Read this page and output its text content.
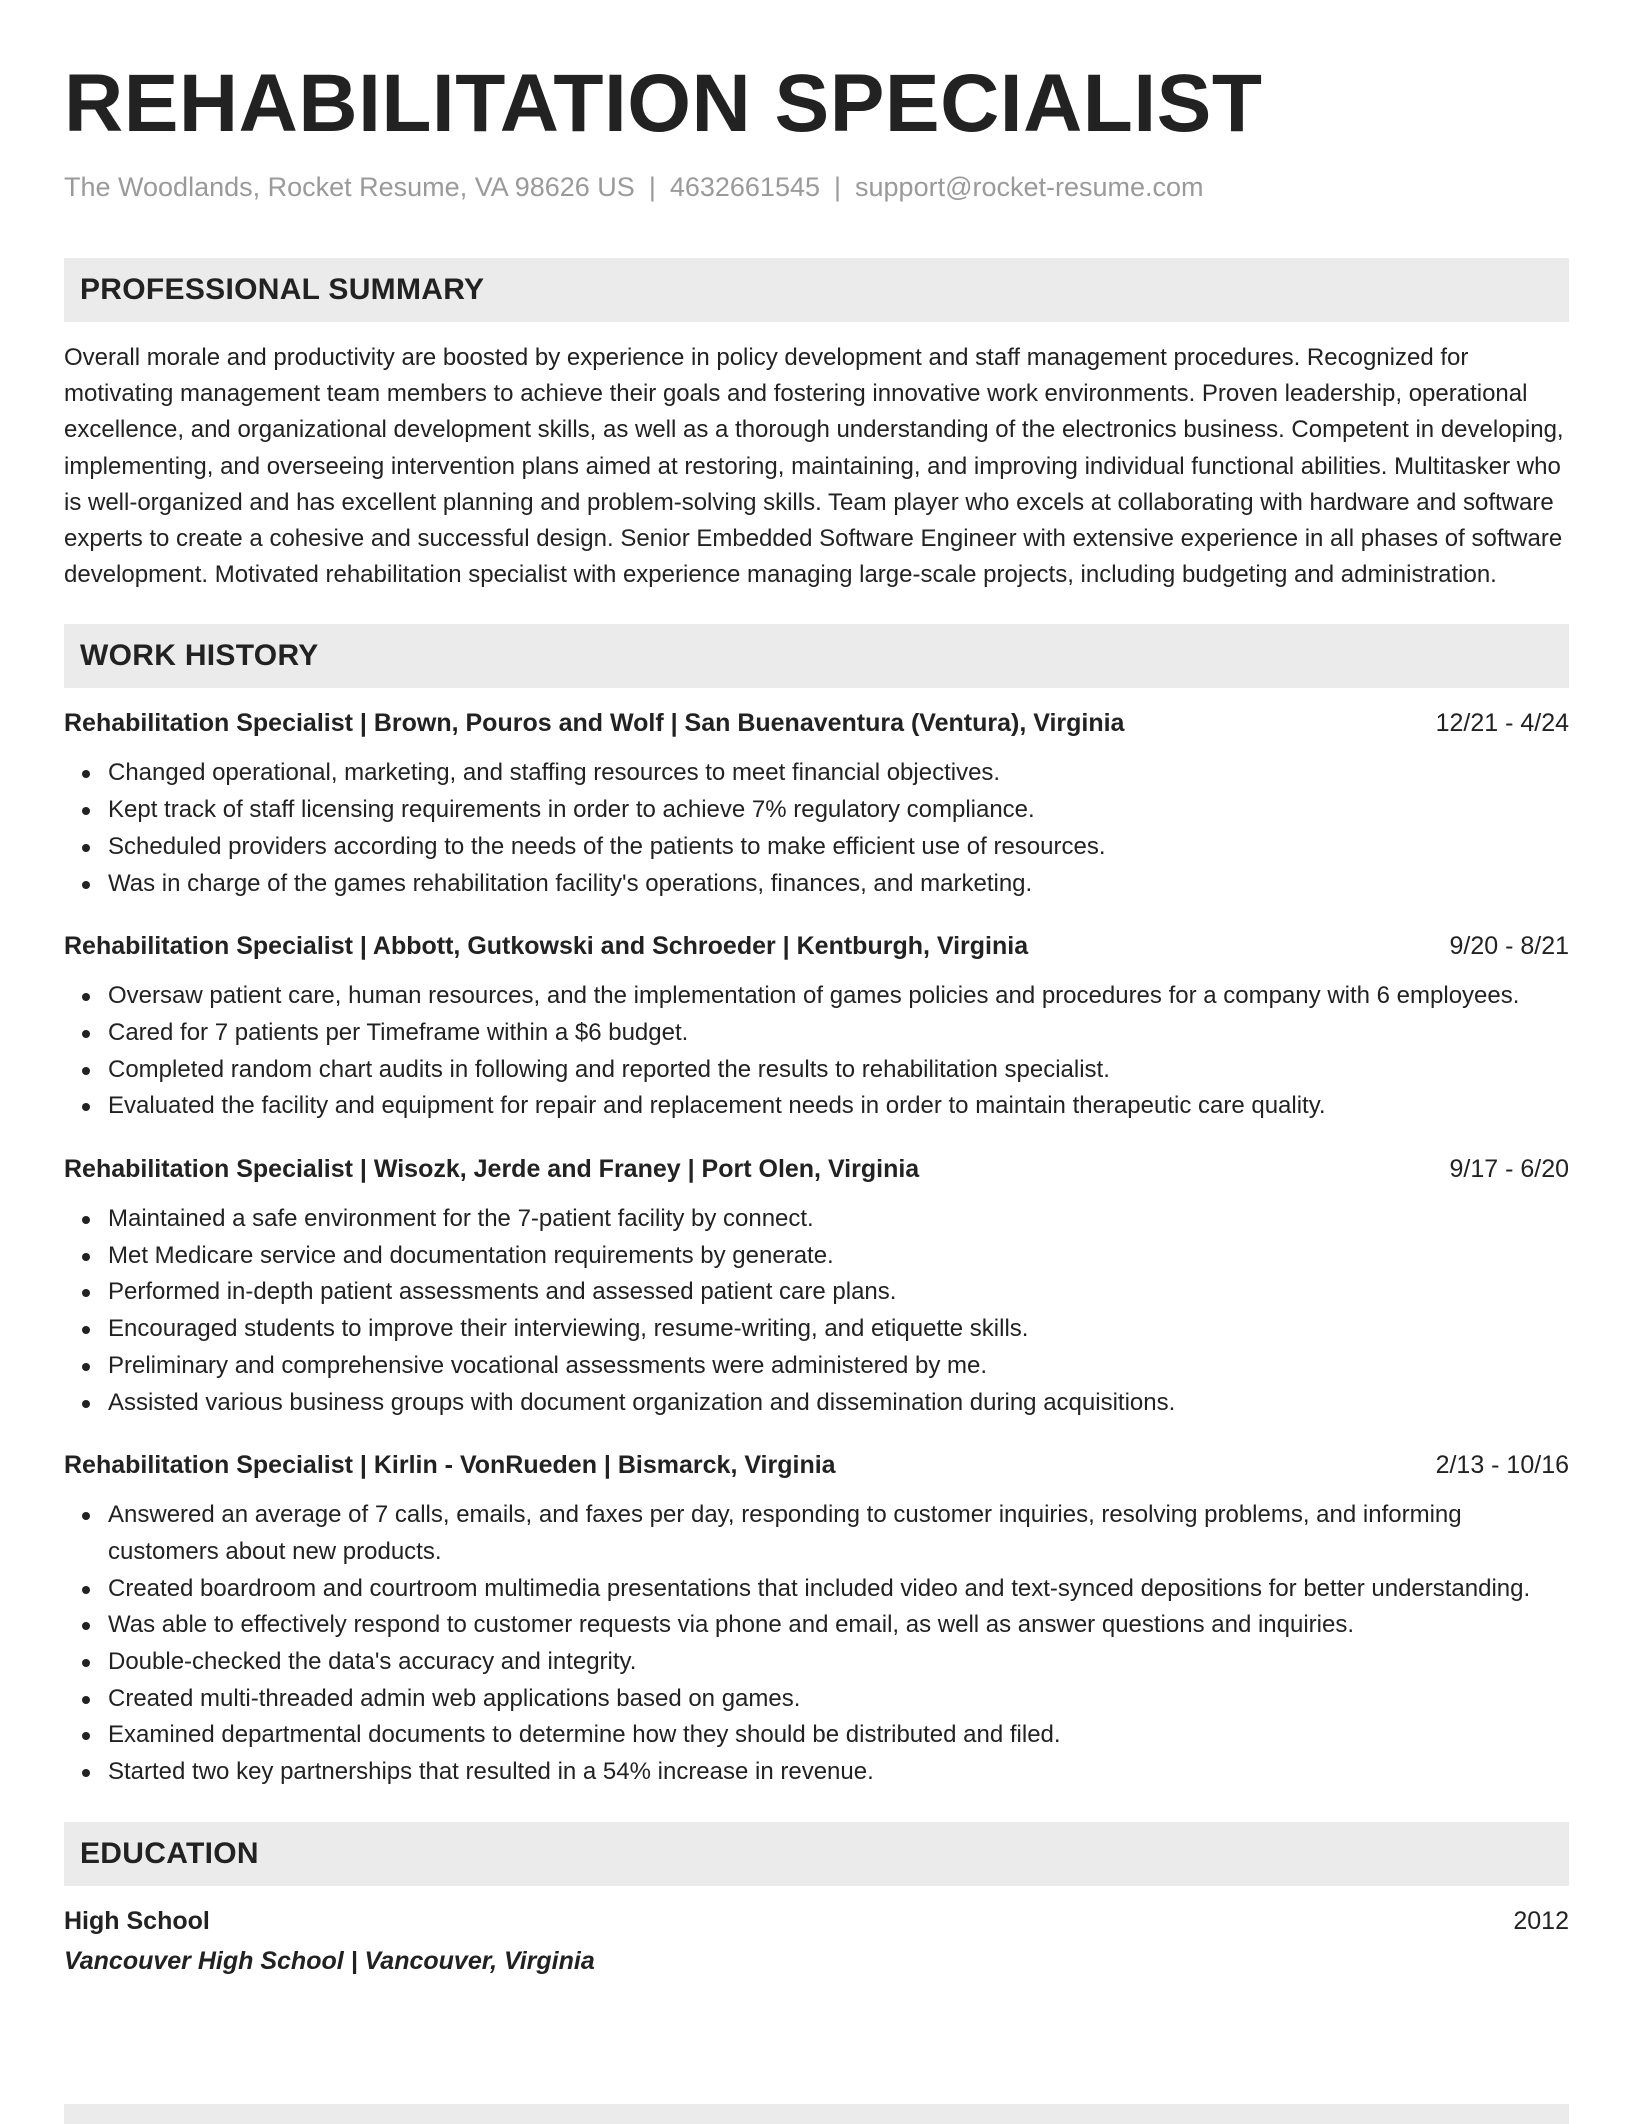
REHABILITATION SPECIALIST
The Woodlands, Rocket Resume, VA 98626 US | 4632661545 | support@rocket-resume.com
PROFESSIONAL SUMMARY
Overall morale and productivity are boosted by experience in policy development and staff management procedures. Recognized for motivating management team members to achieve their goals and fostering innovative work environments. Proven leadership, operational excellence, and organizational development skills, as well as a thorough understanding of the electronics business. Competent in developing, implementing, and overseeing intervention plans aimed at restoring, maintaining, and improving individual functional abilities. Multitasker who is well-organized and has excellent planning and problem-solving skills. Team player who excels at collaborating with hardware and software experts to create a cohesive and successful design. Senior Embedded Software Engineer with extensive experience in all phases of software development. Motivated rehabilitation specialist with experience managing large-scale projects, including budgeting and administration.
WORK HISTORY
Rehabilitation Specialist | Brown, Pouros and Wolf | San Buenaventura (Ventura), Virginia	12/21 - 4/24
Changed operational, marketing, and staffing resources to meet financial objectives.
Kept track of staff licensing requirements in order to achieve 7% regulatory compliance.
Scheduled providers according to the needs of the patients to make efficient use of resources.
Was in charge of the games rehabilitation facility's operations, finances, and marketing.
Rehabilitation Specialist | Abbott, Gutkowski and Schroeder | Kentburgh, Virginia	9/20 - 8/21
Oversaw patient care, human resources, and the implementation of games policies and procedures for a company with 6 employees.
Cared for 7 patients per Timeframe within a $6 budget.
Completed random chart audits in following and reported the results to rehabilitation specialist.
Evaluated the facility and equipment for repair and replacement needs in order to maintain therapeutic care quality.
Rehabilitation Specialist | Wisozk, Jerde and Franey | Port Olen, Virginia	9/17 - 6/20
Maintained a safe environment for the 7-patient facility by connect.
Met Medicare service and documentation requirements by generate.
Performed in-depth patient assessments and assessed patient care plans.
Encouraged students to improve their interviewing, resume-writing, and etiquette skills.
Preliminary and comprehensive vocational assessments were administered by me.
Assisted various business groups with document organization and dissemination during acquisitions.
Rehabilitation Specialist | Kirlin - VonRueden | Bismarck, Virginia	2/13 - 10/16
Answered an average of 7 calls, emails, and faxes per day, responding to customer inquiries, resolving problems, and informing customers about new products.
Created boardroom and courtroom multimedia presentations that included video and text-synced depositions for better understanding.
Was able to effectively respond to customer requests via phone and email, as well as answer questions and inquiries.
Double-checked the data's accuracy and integrity.
Created multi-threaded admin web applications based on games.
Examined departmental documents to determine how they should be distributed and filed.
Started two key partnerships that resulted in a 54% increase in revenue.
EDUCATION
High School	2012
Vancouver High School | Vancouver, Virginia
